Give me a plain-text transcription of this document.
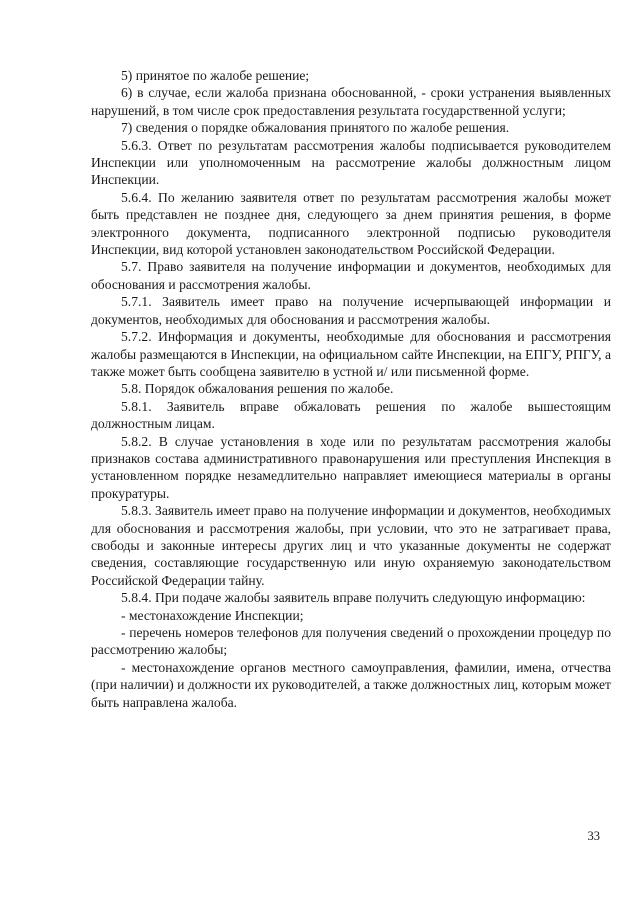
5) принятое по жалобе решение;

6) в случае, если жалоба признана обоснованной, - сроки устранения выявленных нарушений, в том числе срок предоставления результата государственной услуги;

7) сведения о порядке обжалования принятого по жалобе решения.

5.6.3. Ответ по результатам рассмотрения жалобы подписывается руководителем Инспекции или уполномоченным на рассмотрение жалобы должностным лицом Инспекции.

5.6.4. По желанию заявителя ответ по результатам рассмотрения жалобы может быть представлен не позднее дня, следующего за днем принятия решения, в форме электронного документа, подписанного электронной подписью руководителя Инспекции, вид которой установлен законодательством Российской Федерации.

5.7. Право заявителя на получение информации и документов, необходимых для обоснования и рассмотрения жалобы.

5.7.1. Заявитель имеет право на получение исчерпывающей информации и документов, необходимых для обоснования и рассмотрения жалобы.

5.7.2. Информация и документы, необходимые для обоснования и рассмотрения жалобы размещаются в Инспекции, на официальном сайте Инспекции, на ЕПГУ, РПГУ, а также может быть сообщена заявителю в устной и/ или письменной форме.

5.8. Порядок обжалования решения по жалобе.

5.8.1. Заявитель вправе обжаловать решения по жалобе вышестоящим должностным лицам.

5.8.2. В случае установления в ходе или по результатам рассмотрения жалобы признаков состава административного правонарушения или преступления Инспекция в установленном порядке незамедлительно направляет имеющиеся материалы в органы прокуратуры.

5.8.3. Заявитель имеет право на получение информации и документов, необходимых для обоснования и рассмотрения жалобы, при условии, что это не затрагивает права, свободы и законные интересы других лиц и что указанные документы не содержат сведения, составляющие государственную или иную охраняемую законодательством Российской Федерации тайну.

5.8.4. При подаче жалобы заявитель вправе получить следующую информацию:

- местонахождение Инспекции;

- перечень номеров телефонов для получения сведений о прохождении процедур по рассмотрению жалобы;

- местонахождение органов местного самоуправления, фамилии, имена, отчества (при наличии) и должности их руководителей, а также должностных лиц, которым может быть направлена жалоба.

33
